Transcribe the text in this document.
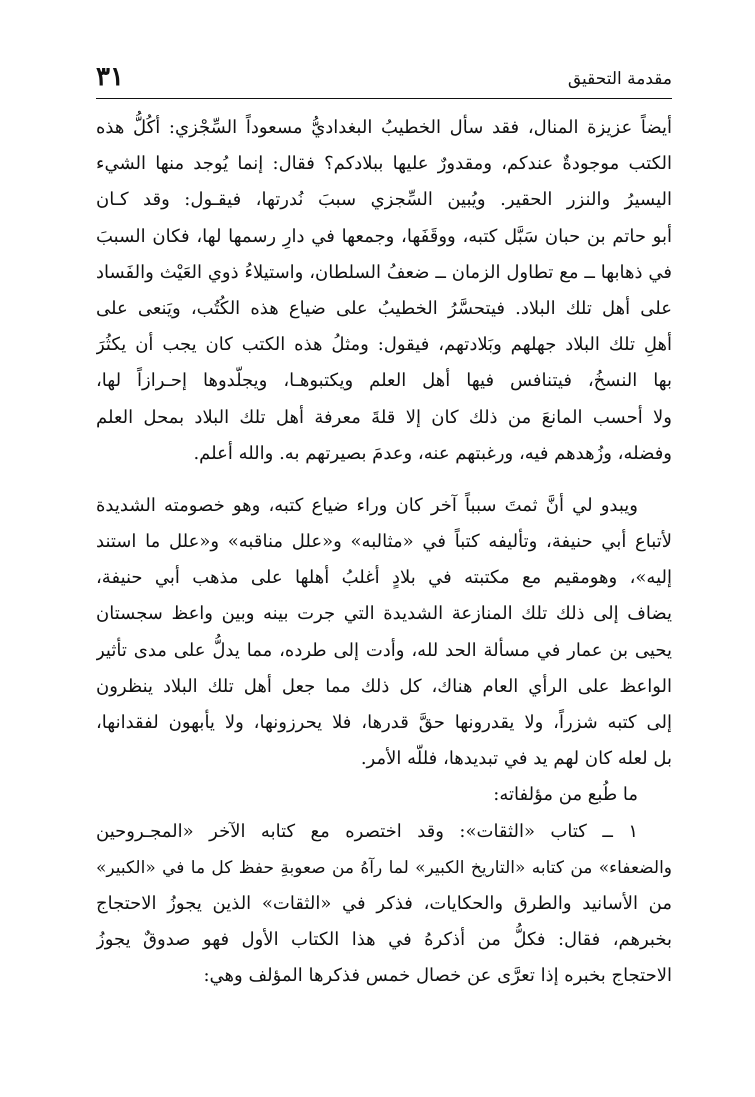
مقدمة التحقيق
٣١
أيضاً عزيزة المنال، فقد سأل الخطيبُ البغداديُّ مسعوداً السِّجْزي: أكُلُّ هذه
الكتب موجودةٌ عندكم، ومقدورٌ عليها ببلادكم؟ فقال: إنما يُوجد منها الشيء
اليسيرُ والنزر الحقير. ويُبين السِّجزي سببَ نُدرتها، فيقـول: وقد كـان
أبو حاتم بن حبان سَبَّل كتبه، ووقَفَها، وجمعها في دارِ رسمها لها، فكان السببَ
في ذهابها ــ مع تطاول الزمان ــ ضعفُ السلطان، واستيلاءُ ذوي العَيْث والفَساد
على أهل تلك البلاد. فيتحسَّرُ الخطيبُ على ضياع هذه الكُتُب، ويَنعى على
أهلِ تلك البلاد جهلهم وبَلادتهم، فيقول: ومثلُ هذه الكتب كان يجب أن يكثُرَ
بها النسخُ، فيتنافس فيها أهل العلم ويكتبوهـا، ويجلّدوها إحـرازاً لها،
ولا أحسب المانعَ من ذلك كان إلا قلةَ معرفة أهل تلك البلاد بمحل العلم
وفضله، وزُهدهم فيه، ورغبتهم عنه، وعدمَ بصيرتهم به. والله أعلم.
ويبدو لي أنَّ ثمتَ سبباً آخر كان وراء ضياع كتبه، وهو خصومته الشديدة
لأتباع أبي حنيفة، وتأليفه كتباً في «مثالبه» و«علل مناقبه» و«علل ما استند
إليه»، وهومقيم مع مكتبته في بلادٍ أغلبُ أهلها على مذهب أبي حنيفة،
يضاف إلى ذلك تلك المنازعة الشديدة التي جرت بينه وبين واعظ سجستان
يحيى بن عمار في مسألة الحد لله، وأدت إلى طرده، مما يدلُّ على مدى تأثير
الواعظ على الرأي العام هناك، كل ذلك مما جعل أهل تلك البلاد ينظرون
إلى كتبه شزراً، ولا يقدرونها حقَّ قدرها، فلا يحرزونها، ولا يأبهون لفقدانها،
بل لعله كان لهم يد في تبديدها، فللّه الأمر.
ما طُبع من مؤلفاته:
١ ــ كتاب «الثقات»: وقد اختصره مع كتابه الآخر «المجـروحين
والضعفاء» من كتابه «التاريخ الكبير» لما رآهُ من صعوبةِ حفظ كل ما في «الكبير»
من الأسانيد والطرق والحكايات، فذكر في «الثقات» الذين يجوزُ الاحتجاج
بخبرهم، فقال: فكلُّ من أذكرهُ في هذا الكتاب الأول فهو صدوقٌ يجوزُ
الاحتجاج بخبره إذا تعرَّى عن خصال خمس فذكرها المؤلف وهي:
